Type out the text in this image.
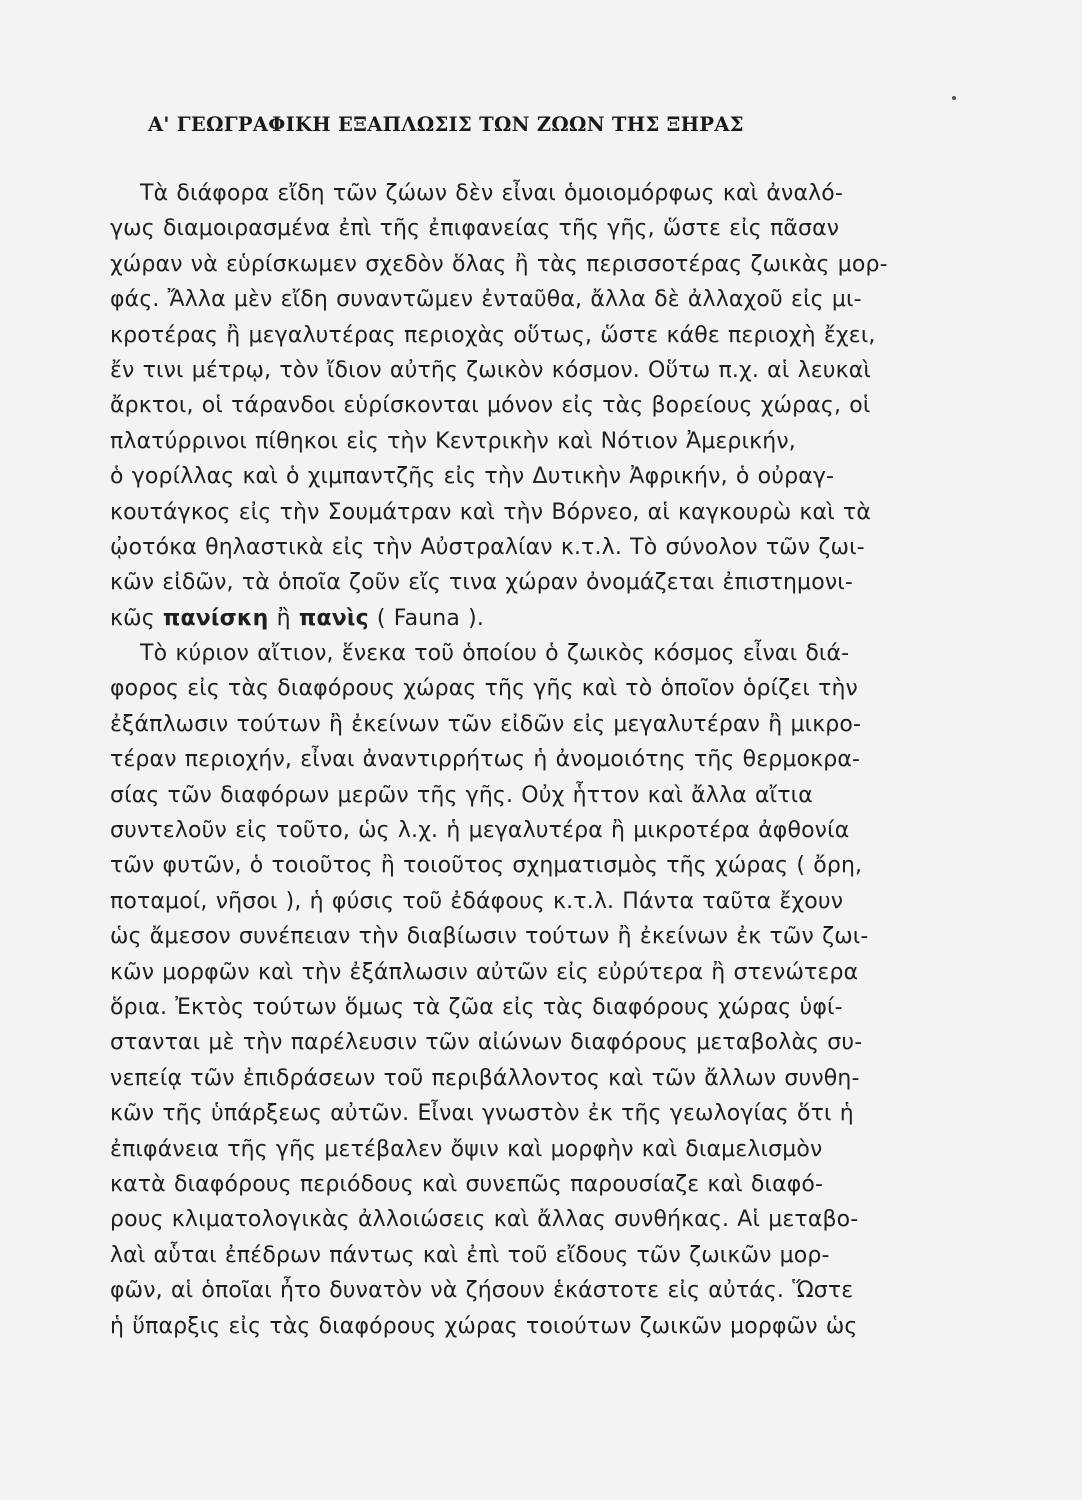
Α' ΓΕΩΓΡΑΦΙΚΗ ΕΞΑΠΛΩΣΙΣ ΤΩΝ ΖΩΩΝ ΤΗΣ ΞΗΡΑΣ
Τὰ διάφορα εἴδη τῶν ζώων δὲν εἶναι ὁμοιομόρφως καὶ ἀναλό-
γως διαμοιρασμένα ἐπὶ τῆς ἐπιφανείας τῆς γῆς, ὥστε εἰς πᾶσαν
χώραν νὰ εὑρίσκωμεν σχεδὸν ὅλας ἢ τὰς περισσοτέρας ζωικὰς μορ-
φάς. Ἄλλα μὲν εἴδη συναντῶμεν ἐνταῦθα, ἄλλα δὲ ἀλλαχοῦ εἰς μι-
κροτέρας ἢ μεγαλυτέρας περιοχὰς οὕτως, ὥστε κάθε περιοχὴ ἔχει,
ἔν τινι μέτρῳ, τὸν ἴδιον αὐτῆς ζωικὸν κόσμον. Οὕτω π.χ. αἱ λευκαὶ
ἄρκτοι, οἱ τάρανδοι εὑρίσκονται μόνον εἰς τὰς βορείους χώρας, οἱ
πλατύρρινοι πίθηκοι εἰς τὴν Κεντρικὴν καὶ Νότιον Ἀμερικήν,
ὁ γορίλλας καὶ ὁ χιμπαντζῆς εἰς τὴν Δυτικὴν Ἀφρικήν, ὁ οὐραγ-
κουτάγκος εἰς τὴν Σουμάτραν καὶ τὴν Βόρνεο, αἱ καγκουρὼ καὶ τὰ
ᾠοτόκα θηλαστικὰ εἰς τὴν Αὐστραλίαν κ.τ.λ. Τὸ σύνολον τῶν ζωι-
κῶν εἰδῶν, τὰ ὁποῖα ζοῦν εἴς τινα χώραν ὀνομάζεται ἐπιστημονι-
κῶς πανίσκη ἢ πανὶς ( Fauna ).
Τὸ κύριον αἴτιον, ἕνεκα τοῦ ὁποίου ὁ ζωικὸς κόσμος εἶναι διά-
φορος εἰς τὰς διαφόρους χώρας τῆς γῆς καὶ τὸ ὁποῖον ὁρίζει τὴν
ἐξάπλωσιν τούτων ἢ ἐκείνων τῶν εἰδῶν εἰς μεγαλυτέραν ἢ μικρο-
τέραν περιοχήν, εἶναι ἀναντιρρήτως ἡ ἀνομοιότης τῆς θερμοκρα-
σίας τῶν διαφόρων μερῶν τῆς γῆς. Οὐχ ἧττον καὶ ἄλλα αἴτια
συντελοῦν εἰς τοῦτο, ὡς λ.χ. ἡ μεγαλυτέρα ἢ μικροτέρα ἀφθονία
τῶν φυτῶν, ὁ τοιοῦτος ἢ τοιοῦτος σχηματισμὸς τῆς χώρας ( ὄρη,
ποταμοί, νῆσοι ), ἡ φύσις τοῦ ἐδάφους κ.τ.λ. Πάντα ταῦτα ἔχουν
ὡς ἄμεσον συνέπειαν τὴν διαβίωσιν τούτων ἢ ἐκείνων ἐκ τῶν ζωι-
κῶν μορφῶν καὶ τὴν ἐξάπλωσιν αὐτῶν εἰς εὐρύτερα ἢ στενώτερα
ὅρια. Ἐκτὸς τούτων ὅμως τὰ ζῶα εἰς τὰς διαφόρους χώρας ὑφί-
στανται μὲ τὴν παρέλευσιν τῶν αἰώνων διαφόρους μεταβολὰς συ-
νεπείᾳ τῶν ἐπιδράσεων τοῦ περιβάλλοντος καὶ τῶν ἄλλων συνθη-
κῶν τῆς ὑπάρξεως αὐτῶν. Εἶναι γνωστὸν ἐκ τῆς γεωλογίας ὅτι ἡ
ἐπιφάνεια τῆς γῆς μετέβαλεν ὄψιν καὶ μορφὴν καὶ διαμελισμὸν
κατὰ διαφόρους περιόδους καὶ συνεπῶς παρουσίαζε καὶ διαφό-
ρους κλιματολογικὰς ἀλλοιώσεις καὶ ἄλλας συνθήκας. Αἱ μεταβο-
λαὶ αὗται ἐπέδρων πάντως καὶ ἐπὶ τοῦ εἴδους τῶν ζωικῶν μορ-
φῶν, αἱ ὁποῖαι ἦτο δυνατὸν νὰ ζήσουν ἑκάστοτε εἰς αὐτάς. Ὥστε
ἡ ὕπαρξις εἰς τὰς διαφόρους χώρας τοιούτων ζωικῶν μορφῶν ὡς
